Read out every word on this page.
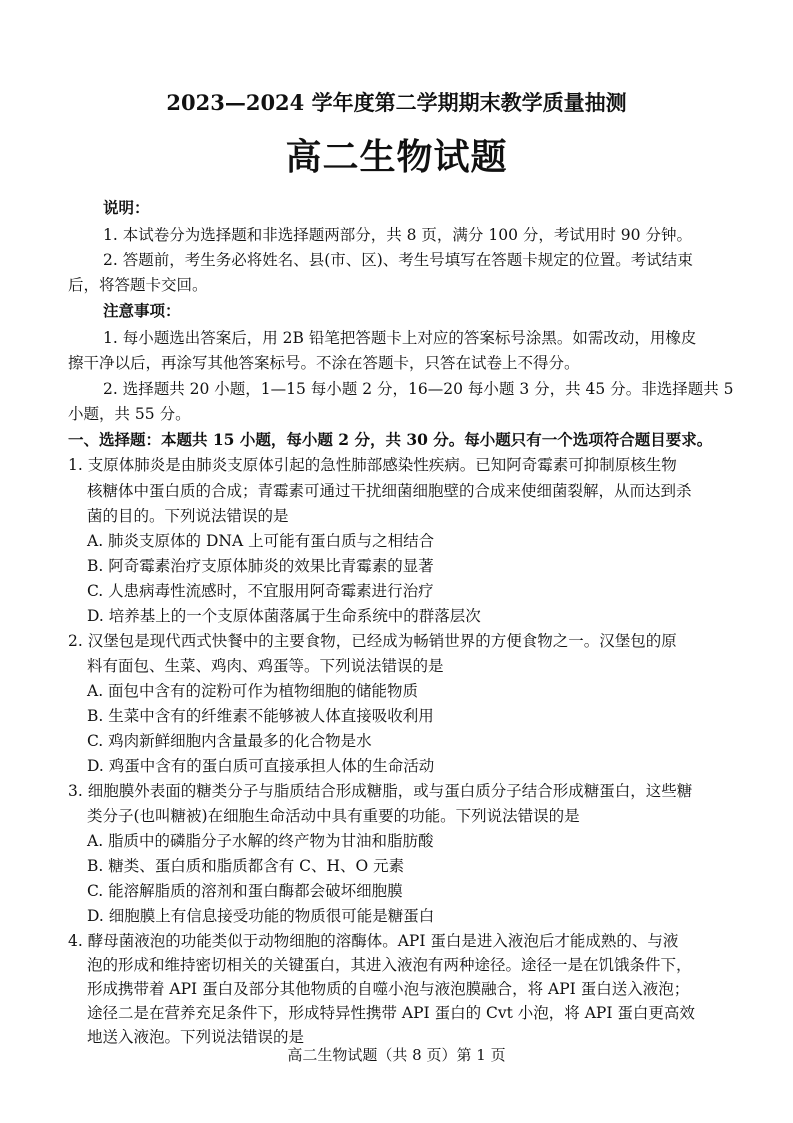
2023—2024 学年度第二学期期末教学质量抽测
高二生物试题
说明：
1. 本试卷分为选择题和非选择题两部分，共 8 页，满分 100 分，考试用时 90 分钟。
2. 答题前，考生务必将姓名、县(市、区)、考生号填写在答题卡规定的位置。考试结束
后，将答题卡交回。
注意事项：
1. 每小题选出答案后，用 2B 铅笔把答题卡上对应的答案标号涂黑。如需改动，用橡皮
擦干净以后，再涂写其他答案标号。不涂在答题卡，只答在试卷上不得分。
2. 选择题共 20 小题，1—15 每小题 2 分，16—20 每小题 3 分，共 45 分。非选择题共 5
小题，共 55 分。
一、选择题：本题共 15 小题，每小题 2 分，共 30 分。每小题只有一个选项符合题目要求。
1. 支原体肺炎是由肺炎支原体引起的急性肺部感染性疾病。已知阿奇霉素可抑制原核生物
核糖体中蛋白质的合成；青霉素可通过干扰细菌细胞壁的合成来使细菌裂解，从而达到杀
菌的目的。下列说法错误的是
A. 肺炎支原体的 DNA 上可能有蛋白质与之相结合
B. 阿奇霉素治疗支原体肺炎的效果比青霉素的显著
C. 人患病毒性流感时，不宜服用阿奇霉素进行治疗
D. 培养基上的一个支原体菌落属于生命系统中的群落层次
2. 汉堡包是现代西式快餐中的主要食物，已经成为畅销世界的方便食物之一。汉堡包的原
料有面包、生菜、鸡肉、鸡蛋等。下列说法错误的是
A. 面包中含有的淀粉可作为植物细胞的储能物质
B. 生菜中含有的纤维素不能够被人体直接吸收利用
C. 鸡肉新鲜细胞内含量最多的化合物是水
D. 鸡蛋中含有的蛋白质可直接承担人体的生命活动
3. 细胞膜外表面的糖类分子与脂质结合形成糖脂，或与蛋白质分子结合形成糖蛋白，这些糖
类分子(也叫糖被)在细胞生命活动中具有重要的功能。下列说法错误的是
A. 脂质中的磷脂分子水解的终产物为甘油和脂肪酸
B. 糖类、蛋白质和脂质都含有 C、H、O 元素
C. 能溶解脂质的溶剂和蛋白酶都会破坏细胞膜
D. 细胞膜上有信息接受功能的物质很可能是糖蛋白
4. 酵母菌液泡的功能类似于动物细胞的溶酶体。API 蛋白是进入液泡后才能成熟的、与液
泡的形成和维持密切相关的关键蛋白，其进入液泡有两种途径。途径一是在饥饿条件下，
形成携带着 API 蛋白及部分其他物质的自噬小泡与液泡膜融合，将 API 蛋白送入液泡；
途径二是在营养充足条件下，形成特异性携带 API 蛋白的 Cvt 小泡，将 API 蛋白更高效
地送入液泡。下列说法错误的是
高二生物试题（共 8 页）第 1 页
